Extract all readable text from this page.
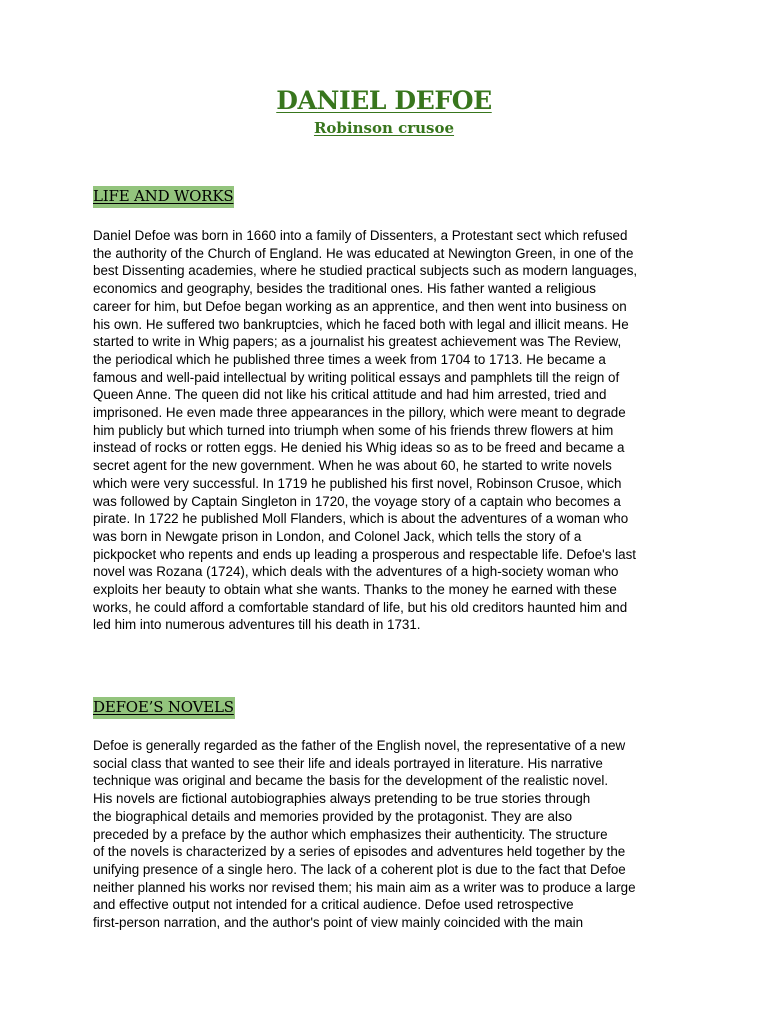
DANIEL DEFOE
Robinson crusoe
LIFE AND WORKS
Daniel Defoe was born in 1660 into a family of Dissenters, a Protestant sect which refused
the authority of the Church of England. He was educated at Newington Green, in one of the
best Dissenting academies, where he studied practical subjects such as modern languages,
economics and geography, besides the traditional ones. His father wanted a religious
career for him, but Defoe began working as an apprentice, and then went into business on
his own. He suffered two bankruptcies, which he faced both with legal and illicit means. He
started to write in Whig papers; as a journalist his greatest achievement was The Review,
the periodical which he published three times a week from 1704 to 1713. He became a
famous and well-paid intellectual by writing political essays and pamphlets till the reign of
Queen Anne. The queen did not like his critical attitude and had him arrested, tried and
imprisoned. He even made three appearances in the pillory, which were meant to degrade
him publicly but which turned into triumph when some of his friends threw flowers at him
instead of rocks or rotten eggs. He denied his Whig ideas so as to be freed and became a
secret agent for the new government. When he was about 60, he started to write novels
which were very successful. In 1719 he published his first novel, Robinson Crusoe, which
was followed by Captain Singleton in 1720, the voyage story of a captain who becomes a
pirate. In 1722 he published Moll Flanders, which is about the adventures of a woman who
was born in Newgate prison in London, and Colonel Jack, which tells the story of a
pickpocket who repents and ends up leading a prosperous and respectable life. Defoe's last
novel was Rozana (1724), which deals with the adventures of a high-society woman who
exploits her beauty to obtain what she wants. Thanks to the money he earned with these
works, he could afford a comfortable standard of life, but his old creditors haunted him and
led him into numerous adventures till his death in 1731.
DEFOE’S NOVELS
Defoe is generally regarded as the father of the English novel, the representative of a new
social class that wanted to see their life and ideals portrayed in literature. His narrative
technique was original and became the basis for the development of the realistic novel.
His novels are fictional autobiographies always pretending to be true stories through
the biographical details and memories provided by the protagonist. They are also
preceded by a preface by the author which emphasizes their authenticity. The structure
of the novels is characterized by a series of episodes and adventures held together by the
unifying presence of a single hero. The lack of a coherent plot is due to the fact that Defoe
neither planned his works nor revised them; his main aim as a writer was to produce a large
and effective output not intended for a critical audience. Defoe used retrospective
first-person narration, and the author's point of view mainly coincided with the main
